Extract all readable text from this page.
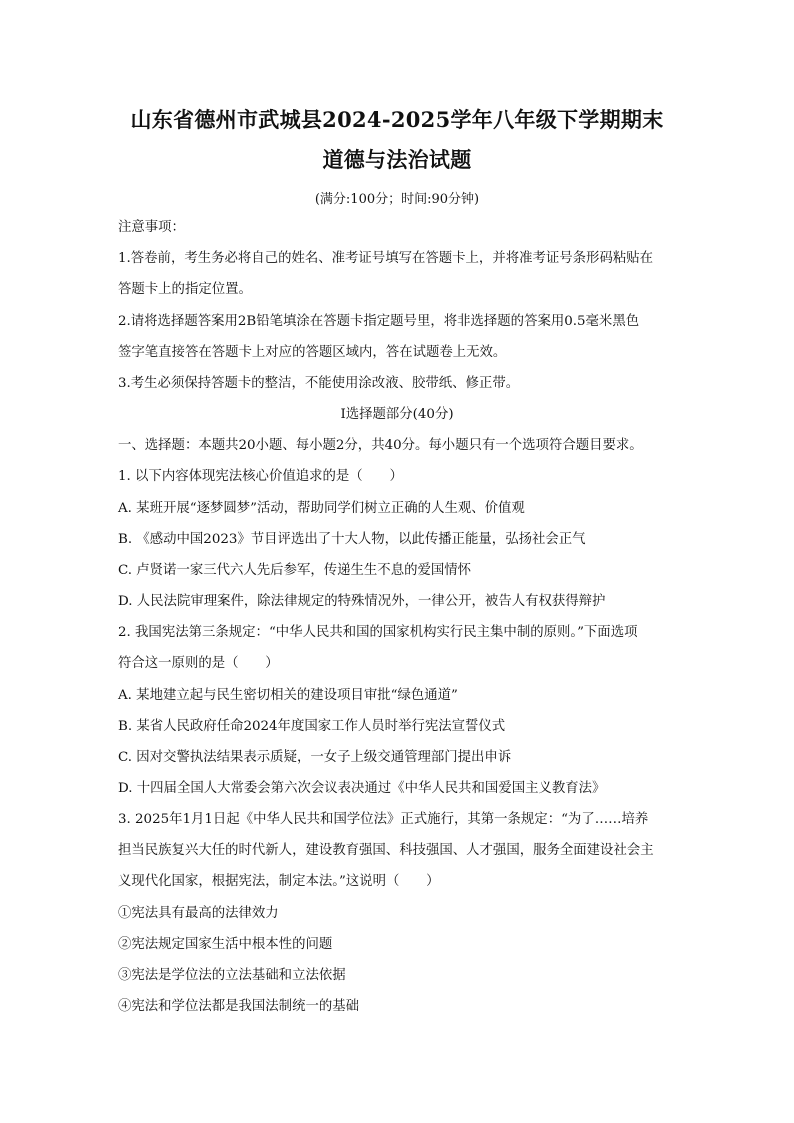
山东省德州市武城县2024-2025学年八年级下学期期末
道德与法治试题
(满分:100分；时间:90分钟)
注意事项：
1.答卷前，考生务必将自己的姓名、准考证号填写在答题卡上，并将准考证号条形码粘贴在
答题卡上的指定位置。
2.请将选择题答案用2B铅笔填涂在答题卡指定题号里，将非选择题的答案用0.5毫米黑色
签字笔直接答在答题卡上对应的答题区域内，答在试题卷上无效。
3.考生必须保持答题卡的整洁，不能使用涂改液、胶带纸、修正带。
Ⅰ选择题部分(40分)
一、选择题：本题共20小题、每小题2分，共40分。每小题只有一个选项符合题目要求。
1. 以下内容体现宪法核心价值追求的是（　　）
A. 某班开展“逐梦圆梦”活动，帮助同学们树立正确的人生观、价值观
B. 《感动中国2023》节目评选出了十大人物，以此传播正能量，弘扬社会正气
C. 卢贤诺一家三代六人先后参军，传递生生不息的爱国情怀
D. 人民法院审理案件，除法律规定的特殊情况外，一律公开，被告人有权获得辩护
2. 我国宪法第三条规定：“中华人民共和国的国家机构实行民主集中制的原则。”下面选项
符合这一原则的是（　　）
A. 某地建立起与民生密切相关的建设项目审批“绿色通道”
B. 某省人民政府任命2024年度国家工作人员时举行宪法宣誓仪式
C. 因对交警执法结果表示质疑，一女子上级交通管理部门提出申诉
D. 十四届全国人大常委会第六次会议表决通过《中华人民共和国爱国主义教育法》
3. 2025年1月1日起《中华人民共和国学位法》正式施行，其第一条规定：“为了……培养
担当民族复兴大任的时代新人，建设教育强国、科技强国、人才强国，服务全面建设社会主
义现代化国家，根据宪法，制定本法。”这说明（　　）
①宪法具有最高的法律效力
②宪法规定国家生活中根本性的问题
③宪法是学位法的立法基础和立法依据
④宪法和学位法都是我国法制统一的基础
